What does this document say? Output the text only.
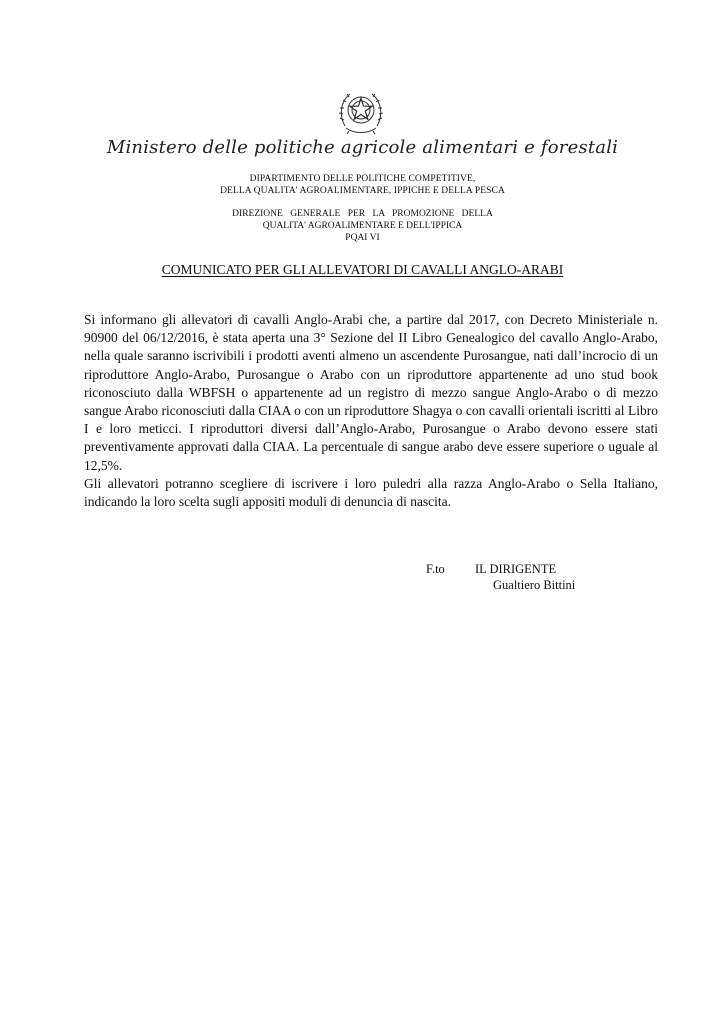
Ministero delle politiche agricole alimentari e forestali
DIPARTIMENTO DELLE POLITICHE COMPETITIVE,
DELLA QUALITA' AGROALIMENTARE, IPPICHE E DELLA PESCA
DIREZIONE GENERALE PER LA PROMOZIONE DELLA
QUALITA' AGROALIMENTARE E DELL'IPPICA
PQAI VI
COMUNICATO PER GLI ALLEVATORI DI CAVALLI ANGLO-ARABI

Si informano gli allevatori di cavalli Anglo-Arabi che, a partire dal 2017, con Decreto Ministeriale n. 90900 del 06/12/2016, è stata aperta una 3° Sezione del II Libro Genealogico del cavallo Anglo-Arabo, nella quale saranno iscrivibili i prodotti aventi almeno un ascendente Purosangue, nati dall’incrocio di un riproduttore Anglo-Arabo, Purosangue o Arabo con un riproduttore appartenente ad uno stud book riconosciuto dalla WBFSH o appartenente ad un registro di mezzo sangue Anglo-Arabo o di mezzo sangue Arabo riconosciuti dalla CIAA o con un riproduttore Shagya o con cavalli orientali iscritti al Libro I e loro meticci. I riproduttori diversi dall’Anglo-Arabo, Purosangue o Arabo devono essere stati preventivamente approvati dalla CIAA. La percentuale di sangue arabo deve essere superiore o uguale al 12,5%.

Gli allevatori potranno scegliere di iscrivere i loro puledri alla razza Anglo-Arabo o Sella Italiano, indicando la loro scelta sugli appositi moduli di denuncia di nascita.

F.to	IL DIRIGENTE
Gualtiero Bittini
